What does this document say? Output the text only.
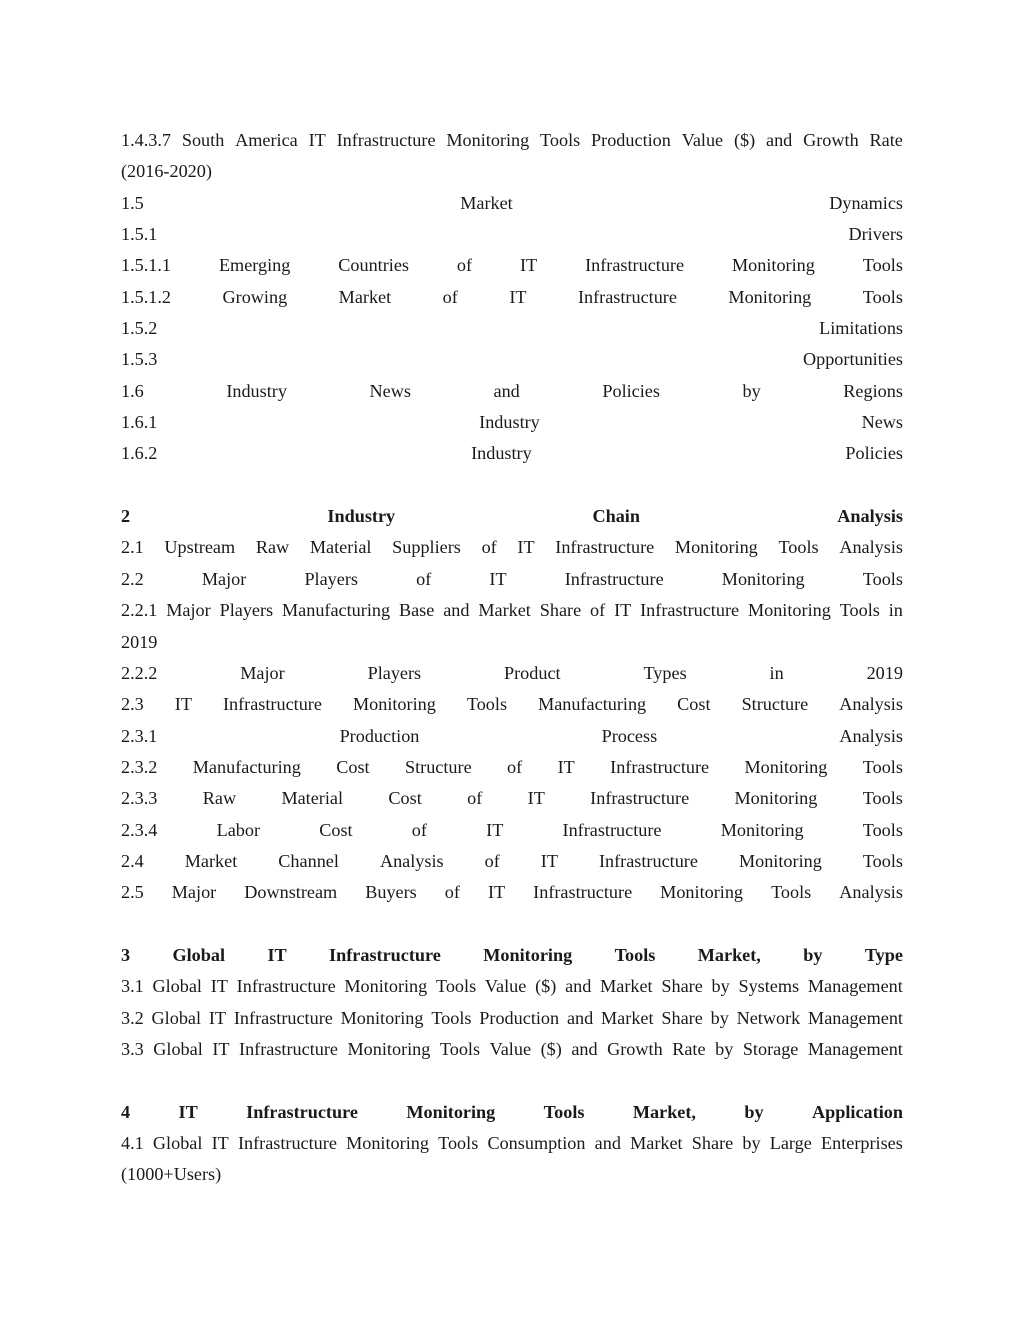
1.4.3.7 South America IT Infrastructure Monitoring Tools Production Value ($) and Growth Rate
(2016-2020)
1.5	Market	Dynamics
1.5.1	Drivers
1.5.1.1	Emerging	Countries	of	IT	Infrastructure	Monitoring	Tools
1.5.1.2	Growing	Market	of	IT	Infrastructure	Monitoring	Tools
1.5.2	Limitations
1.5.3	Opportunities
1.6	Industry	News	and	Policies	by	Regions
1.6.1	Industry	News
1.6.2	Industry	Policies
2	Industry	Chain	Analysis
2.1 Upstream Raw Material Suppliers of IT Infrastructure Monitoring Tools Analysis
2.2	Major	Players	of	IT	Infrastructure	Monitoring	Tools
2.2.1 Major Players Manufacturing Base and Market Share of IT Infrastructure Monitoring Tools in
2019
2.2.2	Major	Players	Product	Types	in	2019
2.3 IT Infrastructure Monitoring Tools Manufacturing Cost Structure Analysis
2.3.1	Production	Process	Analysis
2.3.2 Manufacturing Cost Structure of IT Infrastructure Monitoring Tools
2.3.3 Raw Material Cost of IT Infrastructure Monitoring Tools
2.3.4	Labor	Cost	of	IT	Infrastructure	Monitoring	Tools
2.4 Market Channel Analysis of IT Infrastructure Monitoring Tools
2.5 Major Downstream Buyers of IT Infrastructure Monitoring Tools Analysis
3 Global IT Infrastructure Monitoring Tools Market, by Type
3.1 Global IT Infrastructure Monitoring Tools Value ($) and Market Share by Systems Management
3.2 Global IT Infrastructure Monitoring Tools Production and Market Share by Network Management
3.3 Global IT Infrastructure Monitoring Tools Value ($) and Growth Rate by Storage Management
4	IT	Infrastructure	Monitoring	Tools	Market,	by	Application
4.1 Global IT Infrastructure Monitoring Tools Consumption and Market Share by Large Enterprises
(1000+Users)
